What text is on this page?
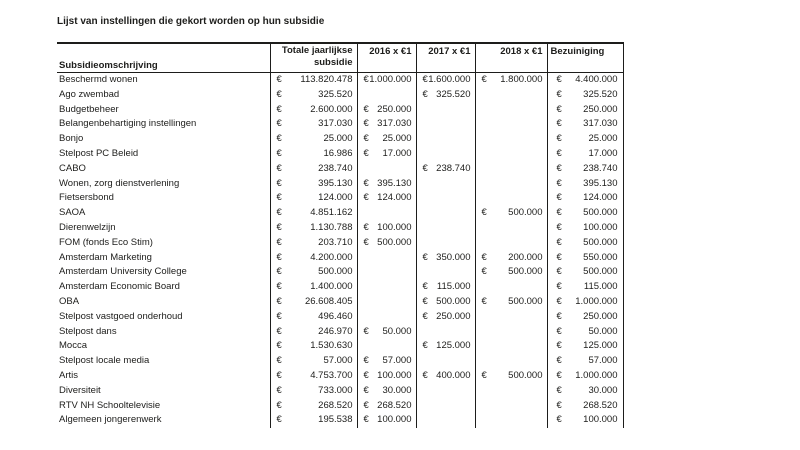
Lijst van instellingen die gekort worden op hun subsidie
Subsidieomschrijving	Totale jaarlijkse subsidie	2016 x €1	2017 x €1	2018 x €1	Bezuiniging
Beschermd wonen	€ 113.820.478	€ 1.000.000	€ 1.600.000	€ 1.800.000	€ 4.400.000
Ago zwembad	€ 325.520		€ 325.520		€ 325.520
Budgetbeheer	€ 2.600.000	€ 250.000			€ 250.000
Belangenbehartiging instellingen	€ 317.030	€ 317.030			€ 317.030
Bonjo	€ 25.000	€ 25.000			€ 25.000
Stelpost PC Beleid	€ 16.986	€ 17.000			€ 17.000
CABO	€ 238.740		€ 238.740		€ 238.740
Wonen, zorg dienstverlening	€ 395.130	€ 395.130			€ 395.130
Fietsersbond	€ 124.000	€ 124.000			€ 124.000
SAOA	€ 4.851.162			€ 500.000	€ 500.000
Dierenwelzijn	€ 1.130.788	€ 100.000			€ 100.000
FOM (fonds Eco Stim)	€ 203.710	€ 500.000			€ 500.000
Amsterdam Marketing	€ 4.200.000		€ 350.000	€ 200.000	€ 550.000
Amsterdam University College	€ 500.000			€ 500.000	€ 500.000
Amsterdam Economic Board	€ 1.400.000		€ 115.000		€ 115.000
OBA	€ 26.608.405		€ 500.000	€ 500.000	€ 1.000.000
Stelpost vastgoed onderhoud	€ 496.460		€ 250.000		€ 250.000
Stelpost dans	€ 246.970	€ 50.000			€ 50.000
Mocca	€ 1.530.630		€ 125.000		€ 125.000
Stelpost locale media	€ 57.000	€ 57.000			€ 57.000
Artis	€ 4.753.700	€ 100.000	€ 400.000	€ 500.000	€ 1.000.000
Diversiteit	€ 733.000	€ 30.000			€ 30.000
RTV NH Schooltelevisie	€ 268.520	€ 268.520			€ 268.520
Algemeen jongerenwerk	€ 195.538	€ 100.000			€ 100.000
